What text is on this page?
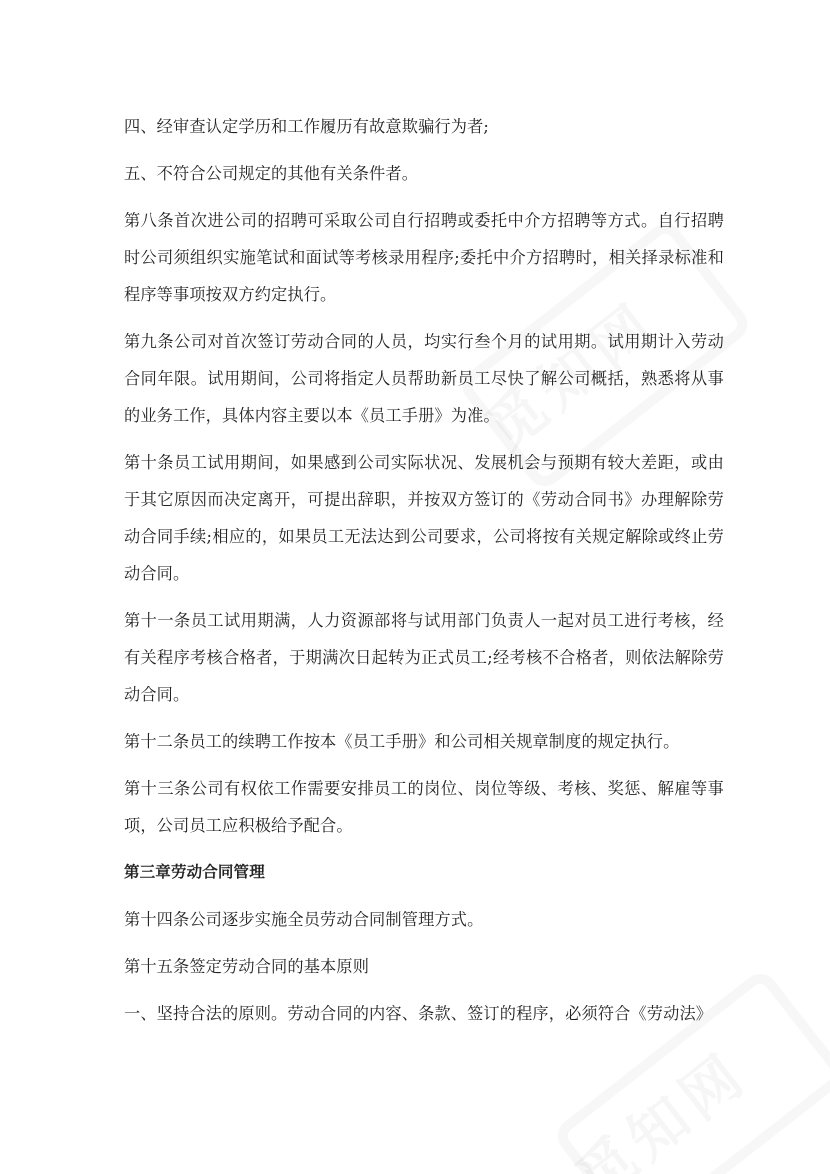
四、经审查认定学历和工作履历有故意欺骗行为者;

五、不符合公司规定的其他有关条件者。

第八条首次进公司的招聘可采取公司自行招聘或委托中介方招聘等方式。自行招聘时公司须组织实施笔试和面试等考核录用程序;委托中介方招聘时，相关择录标准和程序等事项按双方约定执行。

第九条公司对首次签订劳动合同的人员，均实行叁个月的试用期。试用期计入劳动合同年限。试用期间，公司将指定人员帮助新员工尽快了解公司概括，熟悉将从事的业务工作，具体内容主要以本《员工手册》为准。

第十条员工试用期间，如果感到公司实际状况、发展机会与预期有较大差距，或由于其它原因而决定离开，可提出辞职，并按双方签订的《劳动合同书》办理解除劳动合同手续;相应的，如果员工无法达到公司要求，公司将按有关规定解除或终止劳动合同。

第十一条员工试用期满，人力资源部将与试用部门负责人一起对员工进行考核，经有关程序考核合格者，于期满次日起转为正式员工;经考核不合格者，则依法解除劳动合同。

第十二条员工的续聘工作按本《员工手册》和公司相关规章制度的规定执行。

第十三条公司有权依工作需要安排员工的岗位、岗位等级、考核、奖惩、解雇等事项，公司员工应积极给予配合。

第三章劳动合同管理

第十四条公司逐步实施全员劳动合同制管理方式。

第十五条签定劳动合同的基本原则

一、坚持合法的原则。劳动合同的内容、条款、签订的程序，必须符合《劳动法》
